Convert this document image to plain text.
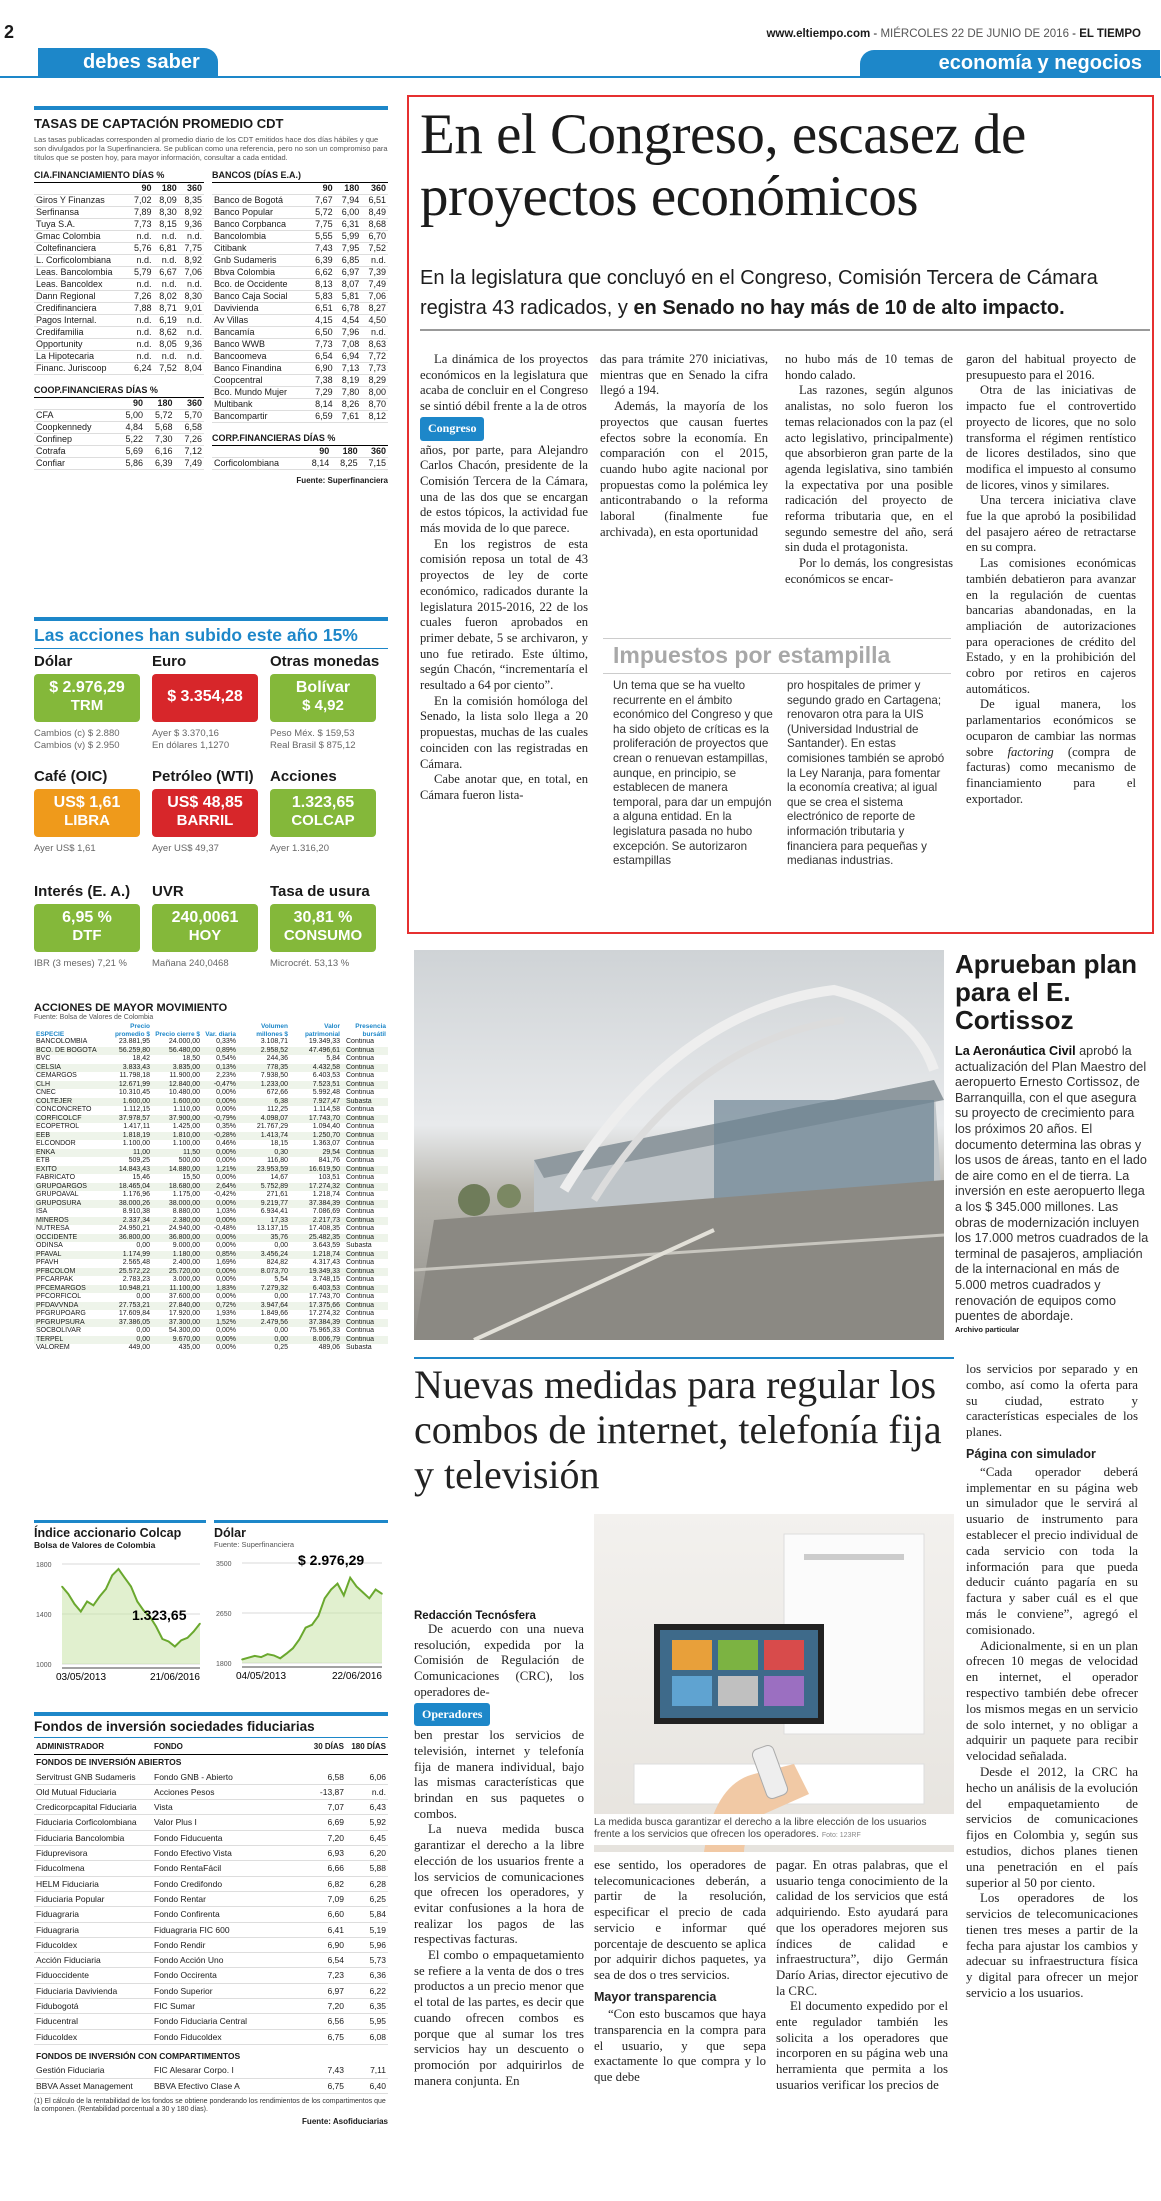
2	www.eltiempo.com - MIÉRCOLES 22 DE JUNIO DE 2016 - EL TIEMPO
debes saber	economía y negocios
TASAS DE CAPTACIÓN PROMEDIO CDT
Las tasas publicadas corresponden al promedio diario de los CDT emitidos hace dos días hábiles y que son divulgados por la Superfinanciera. Se publican como una referencia, pero no son un compromiso para títulos que se posten hoy, para mayor información, consultar a cada entidad.
CIA.FINANCIAMIENTO DÍAS %
	90	180	360
Giros Y Finanzas	7,02	8,09	8,35
Serfinansa	7,89	8,30	8,92
Tuya S.A.	7,73	8,15	9,36
Gmac Colombia	n.d.	n.d.	n.d.
Coltefinanciera	5,76	6,81	7,75
L. Corficolombiana	n.d.	n.d.	8,92
Leas. Bancolombia	5,79	6,67	7,06
Leas. Bancoldex	n.d.	n.d.	n.d.
Dann Regional	7,26	8,02	8,30
Credifinanciera	7,88	8,71	9,01
Pagos Internal.	n.d.	6,19	n.d.
Credifamilia	n.d.	8,62	n.d.
Opportunity	n.d.	8,05	9,36
La Hipotecaria	n.d.	n.d.	n.d.
Financ. Juriscoop	6,24	7,52	8,04
COOP.FINANCIERAS DÍAS %
	90	180	360
CFA	5,00	5,72	5,70
Coopkennedy	4,84	5,68	6,58
Confinep	5,22	7,30	7,26
Cotrafa	5,69	6,16	7,12
Confiar	5,86	6,39	7,49
BANCOS (DÍAS E.A.)
	90	180	360
Banco de Bogotá	7,67	7,94	6,51
Banco Popular	5,72	6,00	8,49
Banco Corpbanca	7,75	6,31	8,68
Bancolombia	5,55	5,99	6,70
Citibank	7,43	7,95	7,52
Gnb Sudameris	6,39	6,85	n.d.
Bbva Colombia	6,62	6,97	7,39
Bco. de Occidente	8,13	8,07	7,49
Banco Caja Social	5,83	5,81	7,06
Davivienda	6,51	6,78	8,27
Av Villas	4,15	4,54	4,50
Bancamía	6,50	7,96	n.d.
Banco WWB	7,73	7,08	8,63
Bancoomeva	6,54	6,94	7,72
Banco Finandina	6,90	7,13	7,73
Coopcentral	7,38	8,19	8,29
Bco. Mundo Mujer	7,29	7,80	8,00
Multibank	8,14	8,26	8,70
Bancompartir	6,59	7,61	8,12
CORP.FINANCIERAS DÍAS %
	90	180	360
Corficolombiana	8,14	8,25	7,15
Fuente: Superfinanciera
Las acciones han subido este año 15%
Dólar
$ 2.976,29
TRM
Cambios (c) $ 2.880
Cambios (v) $ 2.950
Euro
$ 3.354,28
Ayer $ 3.370,16
En dólares 1,1270
Otras monedas
Bolívar
$ 4,92
Peso Méx. $ 159,53
Real Brasil $ 875,12
Café (OIC)
US$ 1,61
LIBRA
Ayer US$ 1,61
Petróleo (WTI)
US$ 48,85
BARRIL
Ayer US$ 49,37
Acciones
1.323,65
COLCAP
Ayer 1.316,20
Interés (E. A.)
6,95 %
DTF
IBR (3 meses) 7,21 %
UVR
240,0061
HOY
Mañana 240,0468
Tasa de usura
30,81 %
CONSUMO
Microcrét. 53,13 %
ACCIONES DE MAYOR MOVIMIENTO
Fuente: Bolsa de Valores de Colombia
ESPECIE	Precio promedio $	Precio cierre $	Var. diaria	Volumen millones $	Valor patrimonial	Presencia bursátil
BANCOLOMBIA	23.881,95	24.000,00	0,33%	3.108,71	19.349,33	Continua
BCO. DE BOGOTÁ	56.259,80	56.480,00	0,89%	2.958,52	47.496,61	Continua
BVC	18,42	18,50	0,54%	244,36	5,84	Continua
CELSIA	3.833,43	3.835,00	0,13%	778,35	4.432,58	Continua
CEMARGOS	11.798,18	11.900,00	2,23%	7.938,50	6.403,53	Continua
CLH	12.671,99	12.840,00	-0,47%	1.233,00	7.523,51	Continua
CNEC	10.310,45	10.480,00	0,00%	672,66	5.992,48	Continua
COLTEJER	1.600,00	1.600,00	0,00%	6,38	7.927,47	Subasta
CONCONCRETO	1.112,15	1.110,00	0,00%	112,25	1.114,58	Continua
CORFICOLCF	37.978,57	37.900,00	-0,79%	4.098,07	17.743,70	Continua
ECOPETROL	1.417,11	1.425,00	0,35%	21.767,29	1.094,40	Continua
EEB	1.818,19	1.810,00	-0,28%	1.413,74	1.250,70	Continua
ELCONDOR	1.100,00	1.100,00	0,46%	18,15	1.363,07	Continua
ENKA	11,00	11,50	0,00%	0,30	29,54	Continua
ETB	509,25	500,00	0,00%	116,80	841,76	Continua
ÉXITO	14.843,43	14.880,00	1,21%	23.953,59	16.619,50	Continua
FABRICATO	15,46	15,50	0,00%	14,67	103,51	Continua
GRUPOARGOS	18.465,04	18.680,00	2,64%	5.752,89	17.274,32	Continua
GRUPOAVAL	1.176,96	1.175,00	-0,42%	271,61	1.218,74	Continua
GRUPOSURA	38.000,26	38.000,00	0,00%	9.219,77	37.384,39	Continua
ISA	8.910,38	8.880,00	1,03%	6.934,41	7.086,69	Continua
MINEROS	2.337,34	2.380,00	0,00%	17,33	2.217,73	Continua
NUTRESA	24.950,21	24.940,00	-0,48%	13.137,15	17.408,35	Continua
OCCIDENTE	36.800,00	36.800,00	0,00%	35,76	25.482,35	Continua
ODINSA	0,00	9.000,00	0,00%	0,00	3.643,59	Subasta
PFAVAL	1.174,99	1.180,00	0,85%	3.456,24	1.218,74	Continua
PFAVH	2.565,48	2.400,00	1,69%	824,82	4.317,43	Continua
PFBCOLOM	25.572,22	25.720,00	0,00%	8.073,70	19.349,33	Continua
PFCARPAK	2.783,23	3.000,00	0,00%	5,54	3.748,15	Continua
PFCEMARGOS	10.948,21	11.100,00	1,83%	7.279,32	6.403,53	Continua
PFCORFICOL	0,00	37.600,00	0,00%	0,00	17.743,70	Continua
PFDAVVNDA	27.753,21	27.840,00	0,72%	3.947,64	17.375,66	Continua
PFGRUPOARG	17.609,84	17.920,00	1,93%	1.849,66	17.274,32	Continua
PFGRUPSURA	37.386,05	37.300,00	1,52%	2.479,56	37.384,39	Continua
SOCBOLIVAR	0,00	54.300,00	0,00%	0,00	75.965,33	Continua
TERPEL	0,00	9.670,00	0,00%	0,00	8.006,79	Continua
VALOREM	449,00	435,00	0,00%	0,25	489,06	Subasta
Índice accionario Colcap
Bolsa de Valores de Colombia
1800
1400
1000
1.323,65
03/05/2013	21/06/2016
Dólar
Fuente: Superfinanciera
3500
2650
1800
$ 2.976,29
04/05/2013	22/06/2016
Fondos de inversión sociedades fiduciarias
ADMINISTRADOR	FONDO	30 DÍAS	180 DÍAS
FONDOS DE INVERSIÓN ABIERTOS			
Servitrust GNB Sudameris	Fondo GNB - Abierto	6,58	6,06
Old Mutual Fiduciaria	Acciones Pesos	-13,87	n.d.
Credicorpcapital Fiduciaria	Vista	7,07	6,43
Fiduciaria Corficolombiana	Valor Plus I	6,69	5,92
Fiduciaria Bancolombia	Fondo Fiducuenta	7,20	6,45
Fiduprevisora	Fondo Efectivo Vista	6,93	6,20
Fiducolmena	Fondo RentaFácil	6,66	5,88
HELM Fiduciaria	Fondo Credifondo	6,82	6,28
Fiduciaria Popular	Fondo Rentar	7,09	6,25
Fiduagraria	Fondo Confirenta	6,60	5,84
Fiduagraria	Fiduagraria FIC 600	6,41	5,19
Fiducoldex	Fondo Rendir	6,90	5,96
Acción Fiduciaria	Fondo Acción Uno	6,54	5,73
Fiduoccidente	Fondo Occirenta	7,23	6,36
Fiduciaria Davivienda	Fondo Superior	6,97	6,22
Fidubogotá	FIC Sumar	7,20	6,35
Fiducentral	Fondo Fiduciaria Central	6,56	5,95
Fiducoldex	Fondo Fiducoldex	6,75	6,08
FONDOS DE INVERSIÓN CON COMPARTIMENTOS			
Gestión Fiduciaria	FIC Alesarar Corpo. I	7,43	7,11
BBVA Asset Management	BBVA Efectivo Clase A	6,75	6,40
(1) El cálculo de la rentabilidad de los fondos se obtiene ponderando los rendimientos de los compartimentos que la componen. (Rentabilidad porcentual a 30 y 180 días).
Fuente: Asofiduciarias
En el Congreso, escasez de proyectos económicos
En la legislatura que concluyó en el Congreso, Comisión Tercera de Cámara registra 43 radicados, y en Senado no hay más de 10 de alto impacto.

La dinámica de los proyectos económicos en la legislatura que acaba de concluir en el Congreso se sintió débil frente a la de otros

Congreso

años, por parte, para Alejandro Carlos Chacón, presidente de la Comisión Tercera de la Cámara, una de las dos que se encargan de estos tópicos, la actividad fue más movida de lo que parece.

En los registros de esta comisión reposa un total de 43 proyectos de ley de corte económico, radicados durante la legislatura 2015-2016, 22 de los cuales fueron aprobados en primer debate, 5 se archivaron, y uno fue retirado. Este último, según Chacón, “incrementaría el resultado a 64 por ciento”.

En la comisión homóloga del Senado, la lista solo llega a 20 propuestas, muchas de las cuales coinciden con las registradas en Cámara.

Cabe anotar que, en total, en Cámara fueron lista-

das para trámite 270 iniciativas, mientras que en Senado la cifra llegó a 194.

Además, la mayoría de los proyectos que causan fuertes efectos sobre la economía. En comparación con el 2015, cuando hubo agite nacional por propuestas como la polémica ley anticontrabando o la reforma laboral (finalmente fue archivada), en esta oportunidad

no hubo más de 10 temas de hondo calado.

Las razones, según algunos analistas, no solo fueron los temas relacionados con la paz (el acto legislativo, principalmente) que absorbieron gran parte de la agenda legislativa, sino también la expectativa por una posible radicación del proyecto de reforma tributaria que, en el segundo semestre del año, será sin duda el protagonista.

Por lo demás, los congresistas económicos se encar-

garon del habitual proyecto de presupuesto para el 2016.

Otra de las iniciativas de impacto fue el controvertido proyecto de licores, que no solo transforma el régimen rentístico de licores destilados, sino que modifica el impuesto al consumo de licores, vinos y similares.

Una tercera iniciativa clave fue la que aprobó la posibilidad del pasajero aéreo de retractarse en su compra.

Las comisiones económicas también debatieron para avanzar en la regulación de cuentas bancarias abandonadas, en la ampliación de autorizaciones para operaciones de crédito del Estado, y en la prohibición del cobro por retiros en cajeros automáticos.

De igual manera, los parlamentarios económicos se ocuparon de cambiar las normas sobre factoring (compra de facturas) como mecanismo de financiamiento para el exportador.

Impuestos por estampilla
Un tema que se ha vuelto recurrente en el ámbito económico del Congreso y que ha sido objeto de críticas es la proliferación de proyectos que crean o renuevan estampillas, aunque, en principio, se establecen de manera temporal, para dar un empujón a alguna entidad. En la legislatura pasada no hubo excepción. Se autorizaron estampillas
pro hospitales de primer y segundo grado en Cartagena; renovaron otra para la UIS (Universidad Industrial de Santander). En estas comisiones también se aprobó la Ley Naranja, para fomentar la economía creativa; al igual que se crea el sistema electrónico de reporte de información tributaria y financiera para pequeñas y medianas industrias.
Aprueban plan para el E. Cortissoz
La Aeronáutica Civil aprobó la actualización del Plan Maestro del aeropuerto Ernesto Cortissoz, de Barranquilla, con el que asegura su proyecto de crecimiento para los próximos 20 años. El documento determina las obras y los usos de áreas, tanto en el lado de aire como en el de tierra. La inversión en este aeropuerto llega a los $ 345.000 millones. Las obras de modernización incluyen los 17.000 metros cuadrados de la terminal de pasajeros, ampliación de la internacional en más de 5.000 metros cuadrados y renovación de equipos como puentes de abordaje.
Archivo particular
Nuevas medidas para regular los combos de internet, telefonía fija y televisión
Redacción Tecnósfera

De acuerdo con una nueva resolución, expedida por la Comisión de Regulación de Comunicaciones (CRC), los operadores de-

Operadores

ben prestar los servicios de televisión, internet y telefonía fija de manera individual, bajo las mismas características que brindan en sus paquetes o combos.

La nueva medida busca garantizar el derecho a la libre elección de los usuarios frente a los servicios de comunicaciones que ofrecen los operadores, y evitar confusiones a la hora de realizar los pagos de las respectivas facturas.

El combo o empaquetamiento se refiere a la venta de dos o tres productos a un precio menor que el total de las partes, es decir que cuando ofrecen combos es porque que al sumar los tres servicios hay un descuento o promoción por adquirirlos de manera conjunta. En

La medida busca garantizar el derecho a la libre elección de los usuarios frente a los servicios que ofrecen los operadores. Foto: 123RF

ese sentido, los operadores de telecomunicaciones deberán, a partir de la resolución, especificar el precio de cada servicio e informar qué porcentaje de descuento se aplica por adquirir dichos paquetes, ya sea de dos o tres servicios.

Mayor transparencia

“Con esto buscamos que haya transparencia en la compra para el usuario, y que sepa exactamente lo que compra y lo que debe

pagar. En otras palabras, que el usuario tenga conocimiento de la calidad de los servicios que está adquiriendo. Esto ayudará para que los operadores mejoren sus índices de calidad e infraestructura”, dijo Germán Darío Arias, director ejecutivo de la CRC.

El documento expedido por el ente regulador también les solicita a los operadores que incorporen en su página web una herramienta que permita a los usuarios verificar los precios de

los servicios por separado y en combo, así como la oferta para su ciudad, estrato y características especiales de los planes.

Página con simulador

“Cada operador deberá implementar en su página web un simulador que le servirá al usuario de instrumento para establecer el precio individual de cada servicio con toda la información para que pueda deducir cuánto pagaría en su factura y saber cuál es el que más le conviene”, agregó el comisionado.

Adicionalmente, si en un plan ofrecen 10 megas de velocidad en internet, el operador respectivo también debe ofrecer los mismos megas en un servicio de solo internet, y no obligar a adquirir un paquete para recibir velocidad señalada.

Desde el 2012, la CRC ha hecho un análisis de la evolución del empaquetamiento de servicios de comunicaciones fijos en Colombia y, según sus estudios, dichos planes tienen una penetración en el país superior al 50 por ciento.

Los operadores de los servicios de telecomunicaciones tienen tres meses a partir de la fecha para ajustar los cambios y adecuar su infraestructura física y digital para ofrecer un mejor servicio a los usuarios.
